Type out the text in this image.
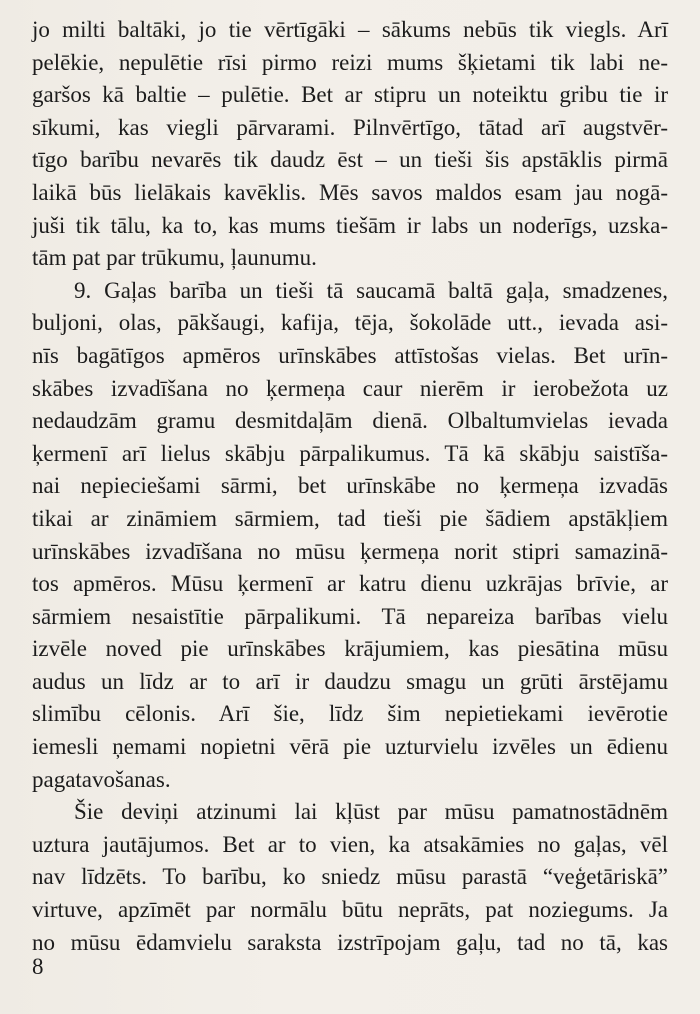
jo milti baltāki, jo tie vērtīgāki – sākums nebūs tik viegls. Arī
pelēkie, nepulētie rīsi pirmo reizi mums šķietami tik labi ne-
garšos kā baltie – pulētie. Bet ar stipru un noteiktu gribu tie ir
sīkumi, kas viegli pārvarami. Pilnvērtīgo, tātad arī augstvēr-
tīgo barību nevarēs tik daudz ēst – un tieši šis apstāklis pirmā
laikā būs lielākais kavēklis. Mēs savos maldos esam jau nogā-
juši tik tālu, ka to, kas mums tiešām ir labs un noderīgs, uzska-
tām pat par trūkumu, ļaunumu.
9. Gaļas barība un tieši tā saucamā baltā gaļa, smadzenes,
buljoni, olas, pākšaugi, kafija, tēja, šokolāde utt., ievada asi-
nīs bagātīgos apmēros urīnskābes attīstošas vielas. Bet urīn-
skābes izvadīšana no ķermeņa caur nierēm ir ierobežota uz
nedaudzām gramu desmitdaļām dienā. Olbaltumvielas ievada
ķermenī arī lielus skābju pārpalikumus. Tā kā skābju saistīša-
nai nepieciešami sārmi, bet urīnskābe no ķermeņa izvadās
tikai ar zināmiem sārmiem, tad tieši pie šādiem apstākļiem
urīnskābes izvadīšana no mūsu ķermeņa norit stipri samazinā-
tos apmēros. Mūsu ķermenī ar katru dienu uzkrājas brīvie, ar
sārmiem nesaistītie pārpalikumi. Tā nepareiza barības vielu
izvēle noved pie urīnskābes krājumiem, kas piesātina mūsu
audus un līdz ar to arī ir daudzu smagu un grūti ārstējamu
slimību cēlonis. Arī šie, līdz šim nepietiekami ievērotie
iemesli ņemami nopietni vērā pie uzturvielu izvēles un ēdienu
pagatavošanas.
Šie deviņi atzinumi lai kļūst par mūsu pamatnostādnēm
uztura jautājumos. Bet ar to vien, ka atsakāmies no gaļas, vēl
nav līdzēts. To barību, ko sniedz mūsu parastā “veģetāriskā”
virtuve, apzīmēt par normālu būtu neprāts, pat noziegums. Ja
no mūsu ēdamvielu saraksta izstrīpojam gaļu, tad no tā, kas
8
